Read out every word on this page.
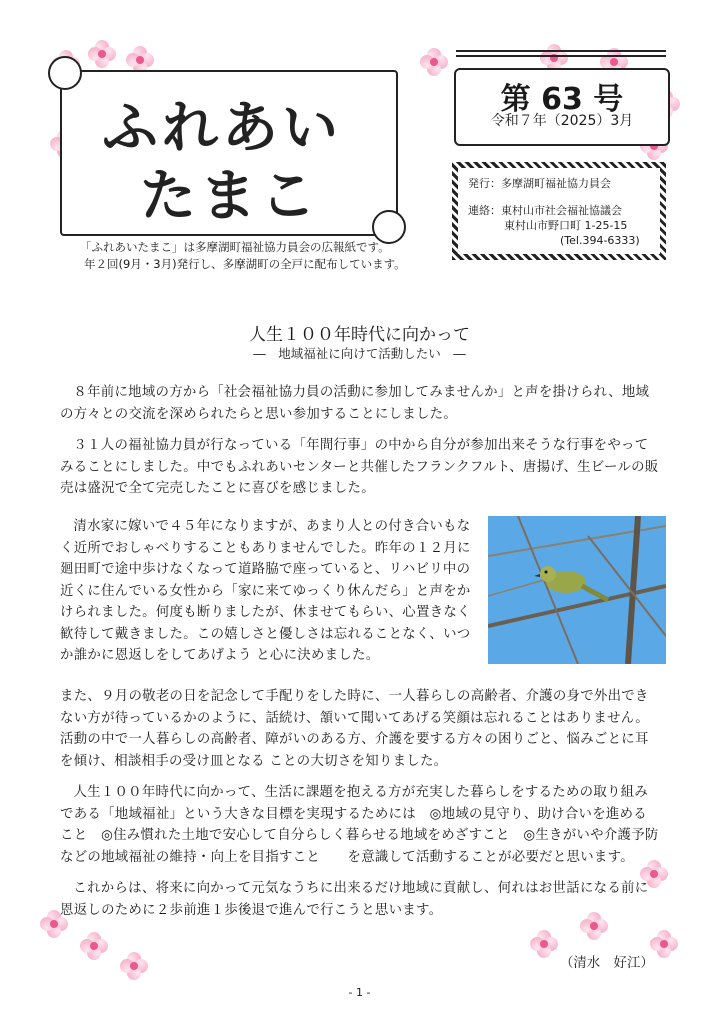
ふれあい
たまこ
「ふれあいたまこ」は多摩湖町福祉協力員会の広報紙です。
年２回(9月・3月)発行し、多摩湖町の全戸に配布しています。
第 63 号
令和７年（2025）3月
発行：多摩湖町福祉協力員会
連絡：東村山市社会福祉協議会
東村山市野口町 1-25-15
(Tel.394-6333)
人生１００年時代に向かって
―　地域福祉に向けて活動したい　―

８年前に地域の方から「社会福祉協力員の活動に参加してみませんか」と声を掛けられ、地域の方々との交流を深められたらと思い参加することにしました。

３１人の福祉協力員が行なっている「年間行事」の中から自分が参加出来そうな行事をやってみることにしました。中でもふれあいセンターと共催したフランクフルト、唐揚げ、生ビールの販売は盛況で全て完売したことに喜びを感じました。

清水家に嫁いで４５年になりますが、あまり人との付き合いもなく近所でおしゃべりすることもありませんでした。昨年の１２月に廻田町で途中歩けなくなって道路脇で座っていると、リハビリ中の近くに住んでいる女性から「家に来てゆっくり休んだら」と声をかけられました。何度も断りましたが、休ませてもらい、心置きなく歓待して戴きました。この嬉しさと優しさは忘れることなく、いつか誰かに恩返しをしてあげよう と心に決めました。

また、９月の敬老の日を記念して手配りをした時に、一人暮らしの高齢者、介護の身で外出できない方が待っているかのように、話続け、頷いて聞いてあげる笑顔は忘れることはありません。活動の中で一人暮らしの高齢者、障がいのある方、介護を要する方々の困りごと、悩みごとに耳を傾け、相談相手の受け皿となる ことの大切さを知りました。

人生１００年時代に向かって、生活に課題を抱える方が充実した暮らしをするための取り組みである「地域福祉」という大きな目標を実現するためには　◎地域の見守り、助け合いを進めること　◎住み慣れた土地で安心して自分らしく暮らせる地域をめざすこと　◎生きがいや介護予防などの地域福祉の維持・向上を目指すこと　　を意識して活動することが必要だと思います。

これからは、将来に向かって元気なうちに出来るだけ地域に貢献し、何れはお世話になる前に恩返しのために２歩前進１歩後退で進んで行こうと思います。

（清水　好江）
- 1 -
